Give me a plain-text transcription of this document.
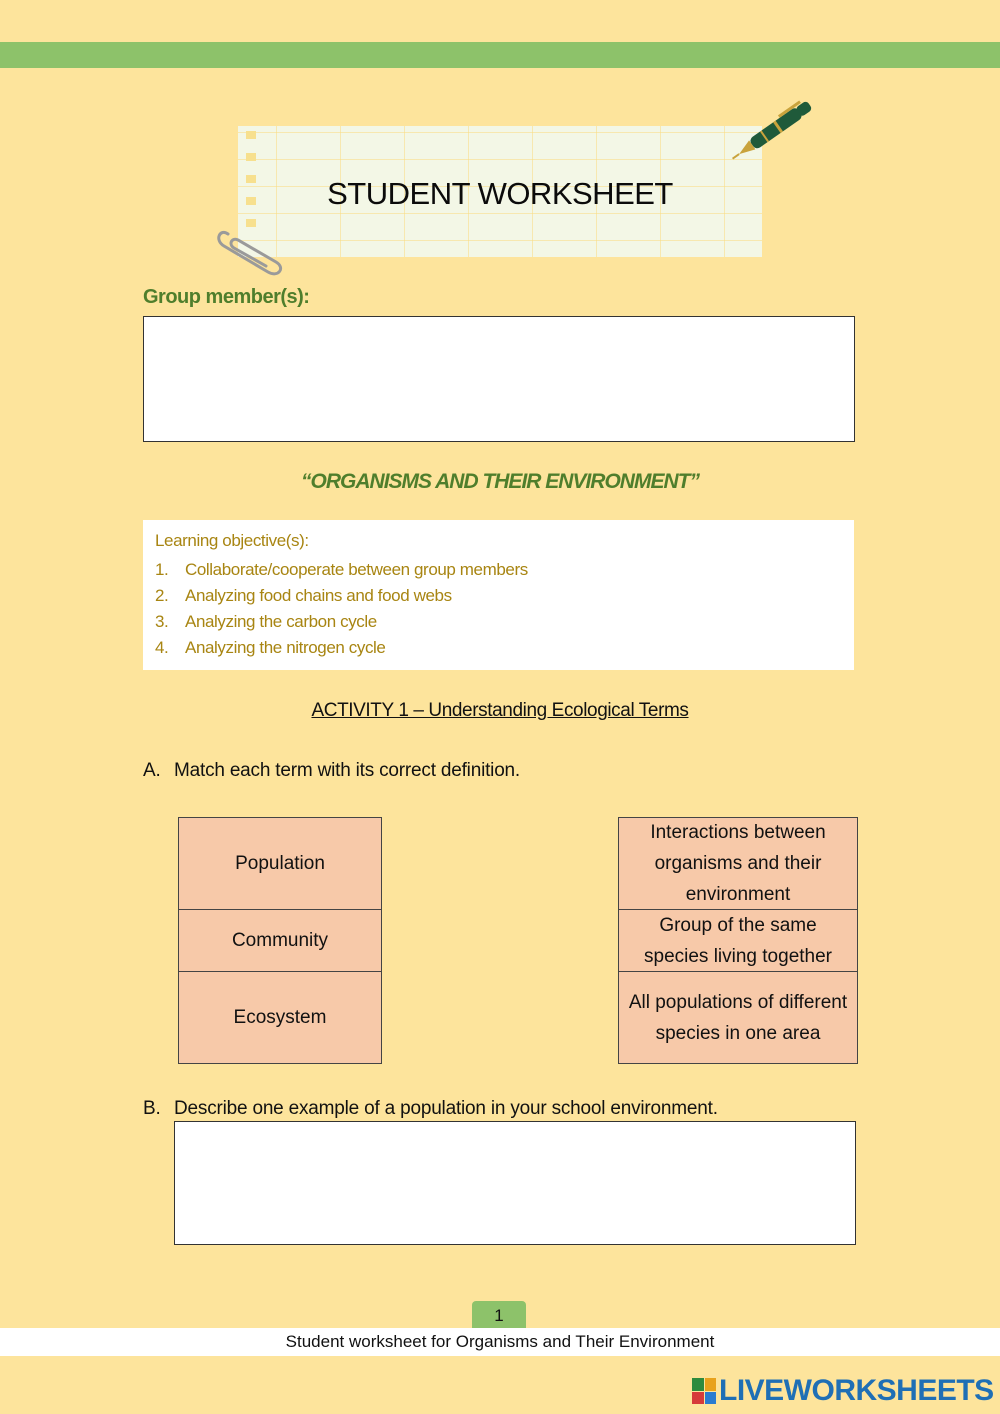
STUDENT WORKSHEET
Group member(s):
“ORGANISMS AND THEIR ENVIRONMENT”
Learning objective(s):
1. Collaborate/cooperate between group members
2. Analyzing food chains and food webs
3. Analyzing the carbon cycle
4. Analyzing the nitrogen cycle
ACTIVITY 1 – Understanding Ecological Terms
A. Match each term with its correct definition.
Population
Community
Ecosystem
Interactions between organisms and their environment
Group of the same species living together
All populations of different species in one area
B. Describe one example of a population in your school environment.
1
Student worksheet for Organisms and Their Environment
LIVEWORKSHEETS
